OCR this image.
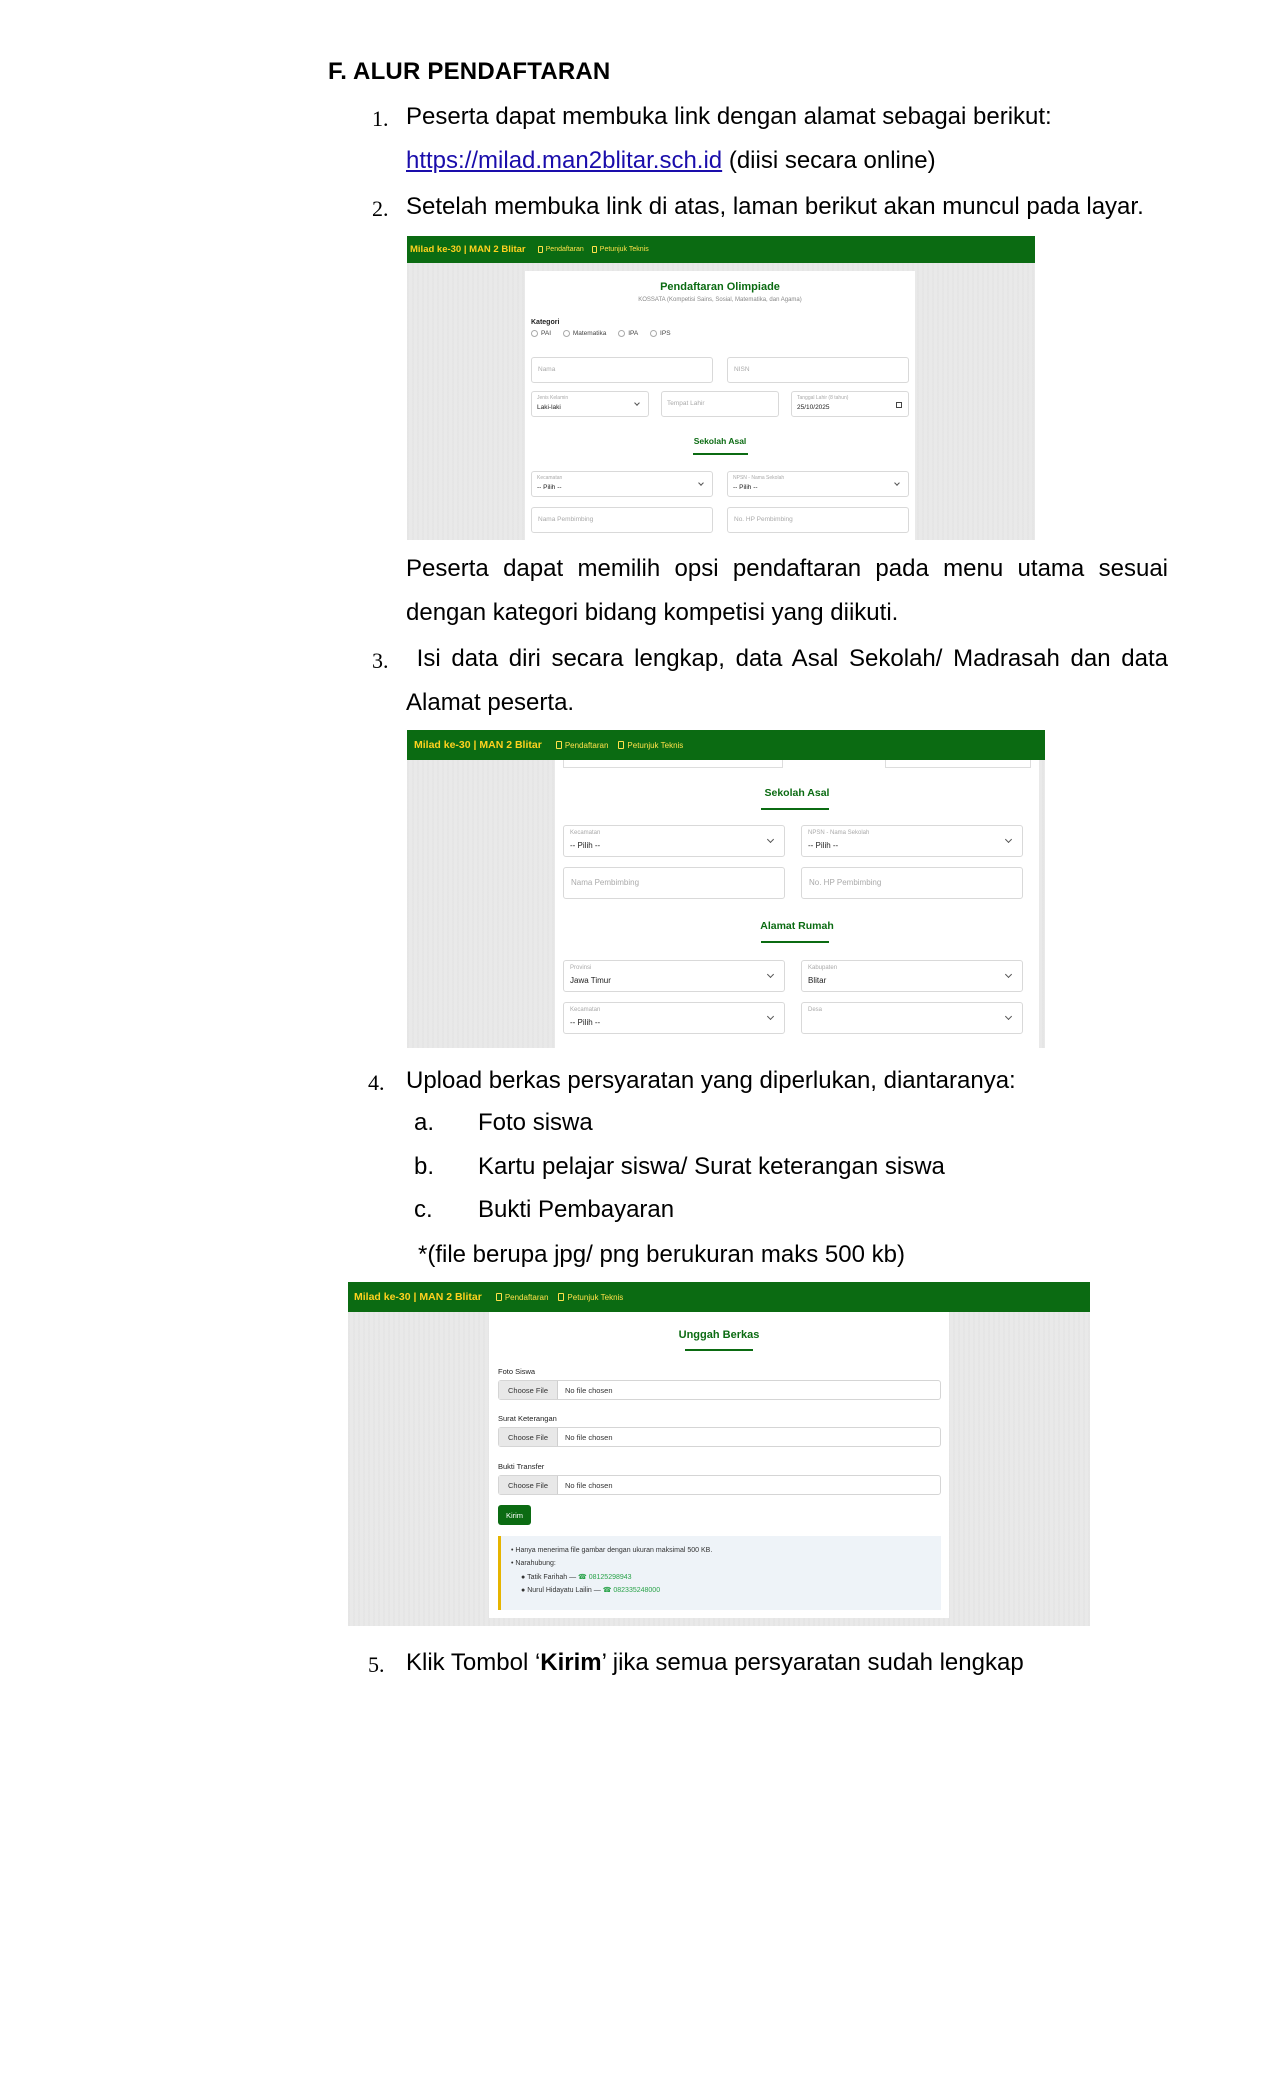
F. ALUR PENDAFTARAN
1. Peserta dapat membuka link dengan alamat sebagai berikut:
https://milad.man2blitar.sch.id (diisi secara online)
2. Setelah membuka link di atas, laman berikut akan muncul pada layar.
Milad ke-30 | MAN 2 Blitar	Pendaftaran Petunjuk Teknis
Pendaftaran Olimpiade
KOSSATA (Kompetisi Sains, Sosial, Matematika, dan Agama)
Kategori
PAI	Matematika	IPA	IPS
Nama	NISN
Jenis Kelamin
Laki-laki
Tempat Lahir
Tanggal Lahir (8 tahun)
25/10/2025
Sekolah Asal
Kecamatan
-- Pilih --
NPSN - Nama Sekolah
-- Pilih --
Nama Pembimbing	No. HP Pembimbing
Peserta dapat memilih opsi pendaftaran pada menu utama sesuai
dengan kategori bidang kompetisi yang diikuti.
3. Isi data diri secara lengkap, data Asal Sekolah/ Madrasah dan data
Alamat peserta.
Milad ke-30 | MAN 2 Blitar	Pendaftaran Petunjuk Teknis
Sekolah Asal
Kecamatan
-- Pilih --
NPSN - Nama Sekolah
-- Pilih --
Nama Pembimbing	No. HP Pembimbing
Alamat Rumah
Provinsi
Jawa Timur
Kabupaten
Blitar
Kecamatan
-- Pilih --
Desa
4. Upload berkas persyaratan yang diperlukan, diantaranya:
a. Foto siswa
b. Kartu pelajar siswa/ Surat keterangan siswa
c. Bukti Pembayaran
*(file berupa jpg/ png berukuran maks 500 kb)
Milad ke-30 | MAN 2 Blitar	Pendaftaran Petunjuk Teknis
Unggah Berkas
Foto Siswa
Choose File	No file chosen
Surat Keterangan
Choose File	No file chosen
Bukti Transfer
Choose File	No file chosen
Kirim
• Hanya menerima file gambar dengan ukuran maksimal 500 KB.
• Narahubung:
● Tatik Farihah — ☎ 08125298943
● Nurul Hidayatu Lailin — ☎ 082335248000
5. Klik Tombol ‘Kirim’ jika semua persyaratan sudah lengkap
